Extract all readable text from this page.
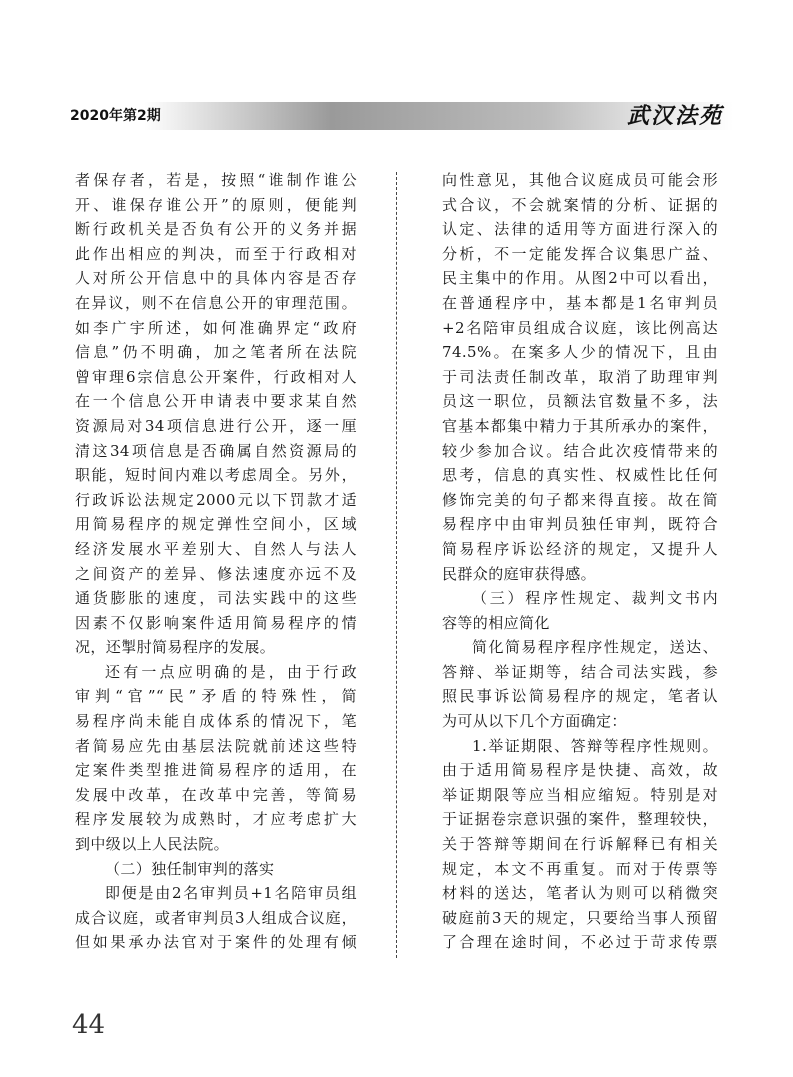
2020年第2期	武汉法苑
者保存者，若是，按照“谁制作谁公
开、谁保存谁公开”的原则，便能判
断行政机关是否负有公开的义务并据
此作出相应的判决，而至于行政相对
人对所公开信息中的具体内容是否存
在异议，则不在信息公开的审理范围。
如李广宇所述，如何准确界定“政府
信息”仍不明确，加之笔者所在法院
曾审理6宗信息公开案件，行政相对人
在一个信息公开申请表中要求某自然
资源局对34项信息进行公开，逐一厘
清这34项信息是否确属自然资源局的
职能，短时间内难以考虑周全。另外，
行政诉讼法规定2000元以下罚款才适
用简易程序的规定弹性空间小，区域
经济发展水平差别大、自然人与法人
之间资产的差异、修法速度亦远不及
通货膨胀的速度，司法实践中的这些
因素不仅影响案件适用简易程序的情
况，还掣肘简易程序的发展。
还有一点应明确的是，由于行政
审判“官”“民”矛盾的特殊性，简
易程序尚未能自成体系的情况下，笔
者简易应先由基层法院就前述这些特
定案件类型推进简易程序的适用，在
发展中改革，在改革中完善，等简易
程序发展较为成熟时，才应考虑扩大
到中级以上人民法院。
（二）独任制审判的落实
即便是由2名审判员+1名陪审员组
成合议庭，或者审判员3人组成合议庭，
但如果承办法官对于案件的处理有倾
向性意见，其他合议庭成员可能会形
式合议，不会就案情的分析、证据的
认定、法律的适用等方面进行深入的
分析，不一定能发挥合议集思广益、
民主集中的作用。从图2中可以看出，
在普通程序中，基本都是1名审判员
+2名陪审员组成合议庭，该比例高达
74.5%。在案多人少的情况下，且由
于司法责任制改革，取消了助理审判
员这一职位，员额法官数量不多，法
官基本都集中精力于其所承办的案件，
较少参加合议。结合此次疫情带来的
思考，信息的真实性、权威性比任何
修饰完美的句子都来得直接。故在简
易程序中由审判员独任审判，既符合
简易程序诉讼经济的规定，又提升人
民群众的庭审获得感。
（三）程序性规定、裁判文书内
容等的相应简化
简化简易程序程序性规定，送达、
答辩、举证期等，结合司法实践，参
照民事诉讼简易程序的规定，笔者认
为可从以下几个方面确定：
1.举证期限、答辩等程序性规则。
由于适用简易程序是快捷、高效，故
举证期限等应当相应缩短。特别是对
于证据卷宗意识强的案件，整理较快，
关于答辩等期间在行诉解释已有相关
规定，本文不再重复。而对于传票等
材料的送达，笔者认为则可以稍微突
破庭前3天的规定，只要给当事人预留
了合理在途时间，不必过于苛求传票
44
